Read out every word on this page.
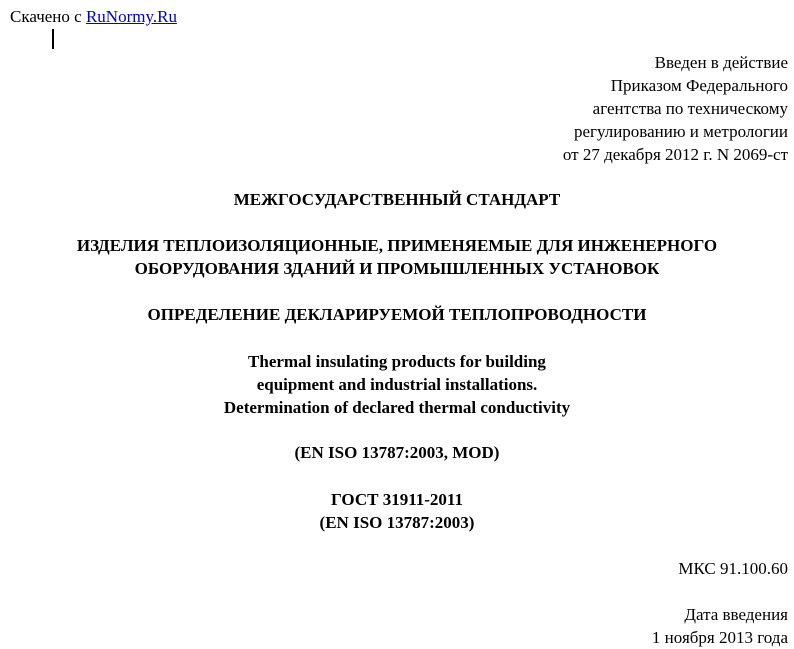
Скачено с RuNormy.Ru
Введен в действие
Приказом Федерального
агентства по техническому
регулированию и метрологии
от 27 декабря 2012 г. N 2069-ст
МЕЖГОСУДАРСТВЕННЫЙ СТАНДАРТ
ИЗДЕЛИЯ ТЕПЛОИЗОЛЯЦИОННЫЕ, ПРИМЕНЯЕМЫЕ ДЛЯ ИНЖЕНЕРНОГО
ОБОРУДОВАНИЯ ЗДАНИЙ И ПРОМЫШЛЕННЫХ УСТАНОВОК
ОПРЕДЕЛЕНИЕ ДЕКЛАРИРУЕМОЙ ТЕПЛОПРОВОДНОСТИ
Thermal insulating products for building
equipment and industrial installations.
Determination of declared thermal conductivity
(EN ISO 13787:2003, MOD)
ГОСТ 31911-2011
(EN ISO 13787:2003)
МКС 91.100.60
Дата введения
1 ноября 2013 года
